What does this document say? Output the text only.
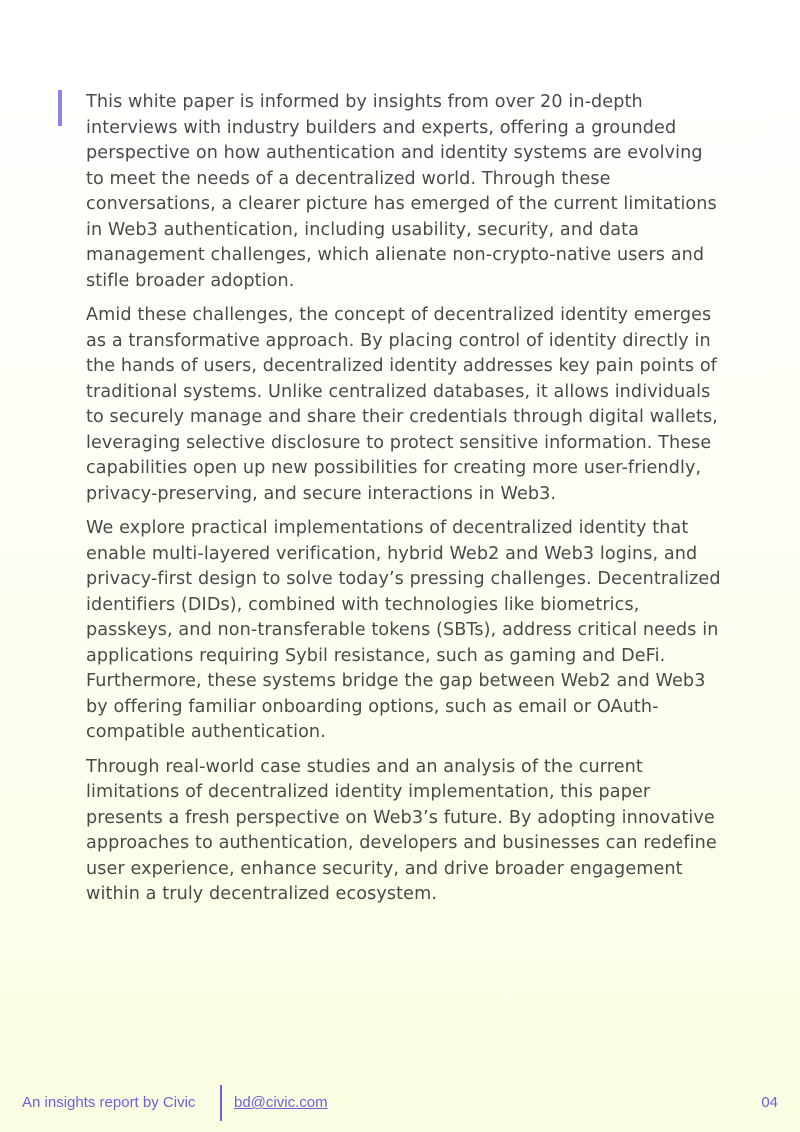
This white paper is informed by insights from over 20 in-depth interviews with industry builders and experts, offering a grounded perspective on how authentication and identity systems are evolving to meet the needs of a decentralized world. Through these conversations, a clearer picture has emerged of the current limitations in Web3 authentication, including usability, security, and data management challenges, which alienate non-crypto-native users and stifle broader adoption.

Amid these challenges, the concept of decentralized identity emerges as a transformative approach. By placing control of identity directly in the hands of users, decentralized identity addresses key pain points of traditional systems. Unlike centralized databases, it allows individuals to securely manage and share their credentials through digital wallets, leveraging selective disclosure to protect sensitive information. These capabilities open up new possibilities for creating more user-friendly, privacy-preserving, and secure interactions in Web3.

We explore practical implementations of decentralized identity that enable multi-layered verification, hybrid Web2 and Web3 logins, and privacy-first design to solve today’s pressing challenges. Decentralized identifiers (DIDs), combined with technologies like biometrics, passkeys, and non-transferable tokens (SBTs), address critical needs in applications requiring Sybil resistance, such as gaming and DeFi. Furthermore, these systems bridge the gap between Web2 and Web3 by offering familiar onboarding options, such as email or OAuth-compatible authentication.

Through real-world case studies and an analysis of the current limitations of decentralized identity implementation, this paper presents a fresh perspective on Web3’s future. By adopting innovative approaches to authentication, developers and businesses can redefine user experience, enhance security, and drive broader engagement within a truly decentralized ecosystem.

An insights report by Civic	bd@civic.com	04
